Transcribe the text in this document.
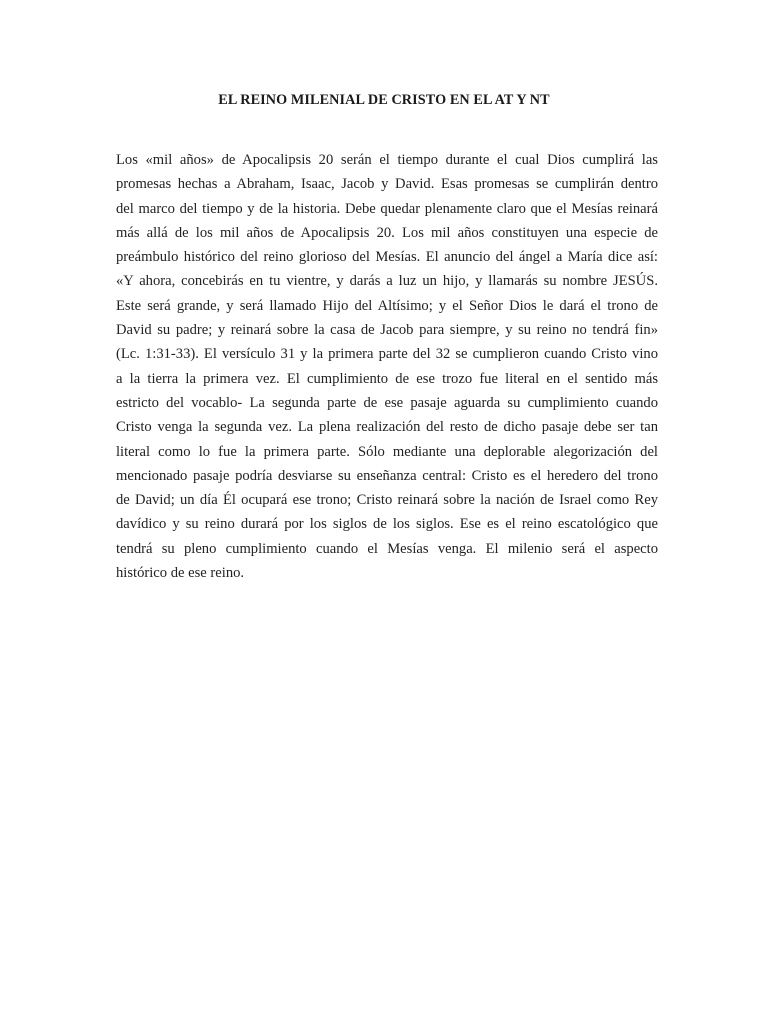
EL REINO MILENIAL DE CRISTO EN EL AT Y NT
Los «mil años» de Apocalipsis 20 serán el tiempo durante el cual Dios cumplirá las
promesas hechas a Abraham, Isaac, Jacob y David. Esas promesas se cumplirán dentro
del marco del tiempo y de la historia. Debe quedar plenamente claro que el Mesías reinará
más allá de los mil años de Apocalipsis 20. Los mil años constituyen una especie de
preámbulo histórico del reino glorioso del Mesías. El anuncio del ángel a María dice así:
«Y ahora, concebirás en tu vientre, y darás a luz un hijo, y llamarás su nombre JESÚS.
Este será grande, y será llamado Hijo del Altísimo; y el Señor Dios le dará el trono de
David su padre; y reinará sobre la casa de Jacob para siempre, y su reino no tendrá fin»
(Lc. 1:31-33). El versículo 31 y la primera parte del 32 se cumplieron cuando Cristo vino
a la tierra la primera vez. El cumplimiento de ese trozo fue literal en el sentido más
estricto del vocablo- La segunda parte de ese pasaje aguarda su cumplimiento cuando
Cristo venga la segunda vez. La plena realización del resto de dicho pasaje debe ser tan
literal como lo fue la primera parte. Sólo mediante una deplorable alegorización del
mencionado pasaje podría desviarse su enseñanza central: Cristo es el heredero del trono
de David; un día Él ocupará ese trono; Cristo reinará sobre la nación de Israel como Rey
davídico y su reino durará por los siglos de los siglos. Ese es el reino escatológico que
tendrá su pleno cumplimiento cuando el Mesías venga. El milenio será el aspecto
histórico de ese reino.
